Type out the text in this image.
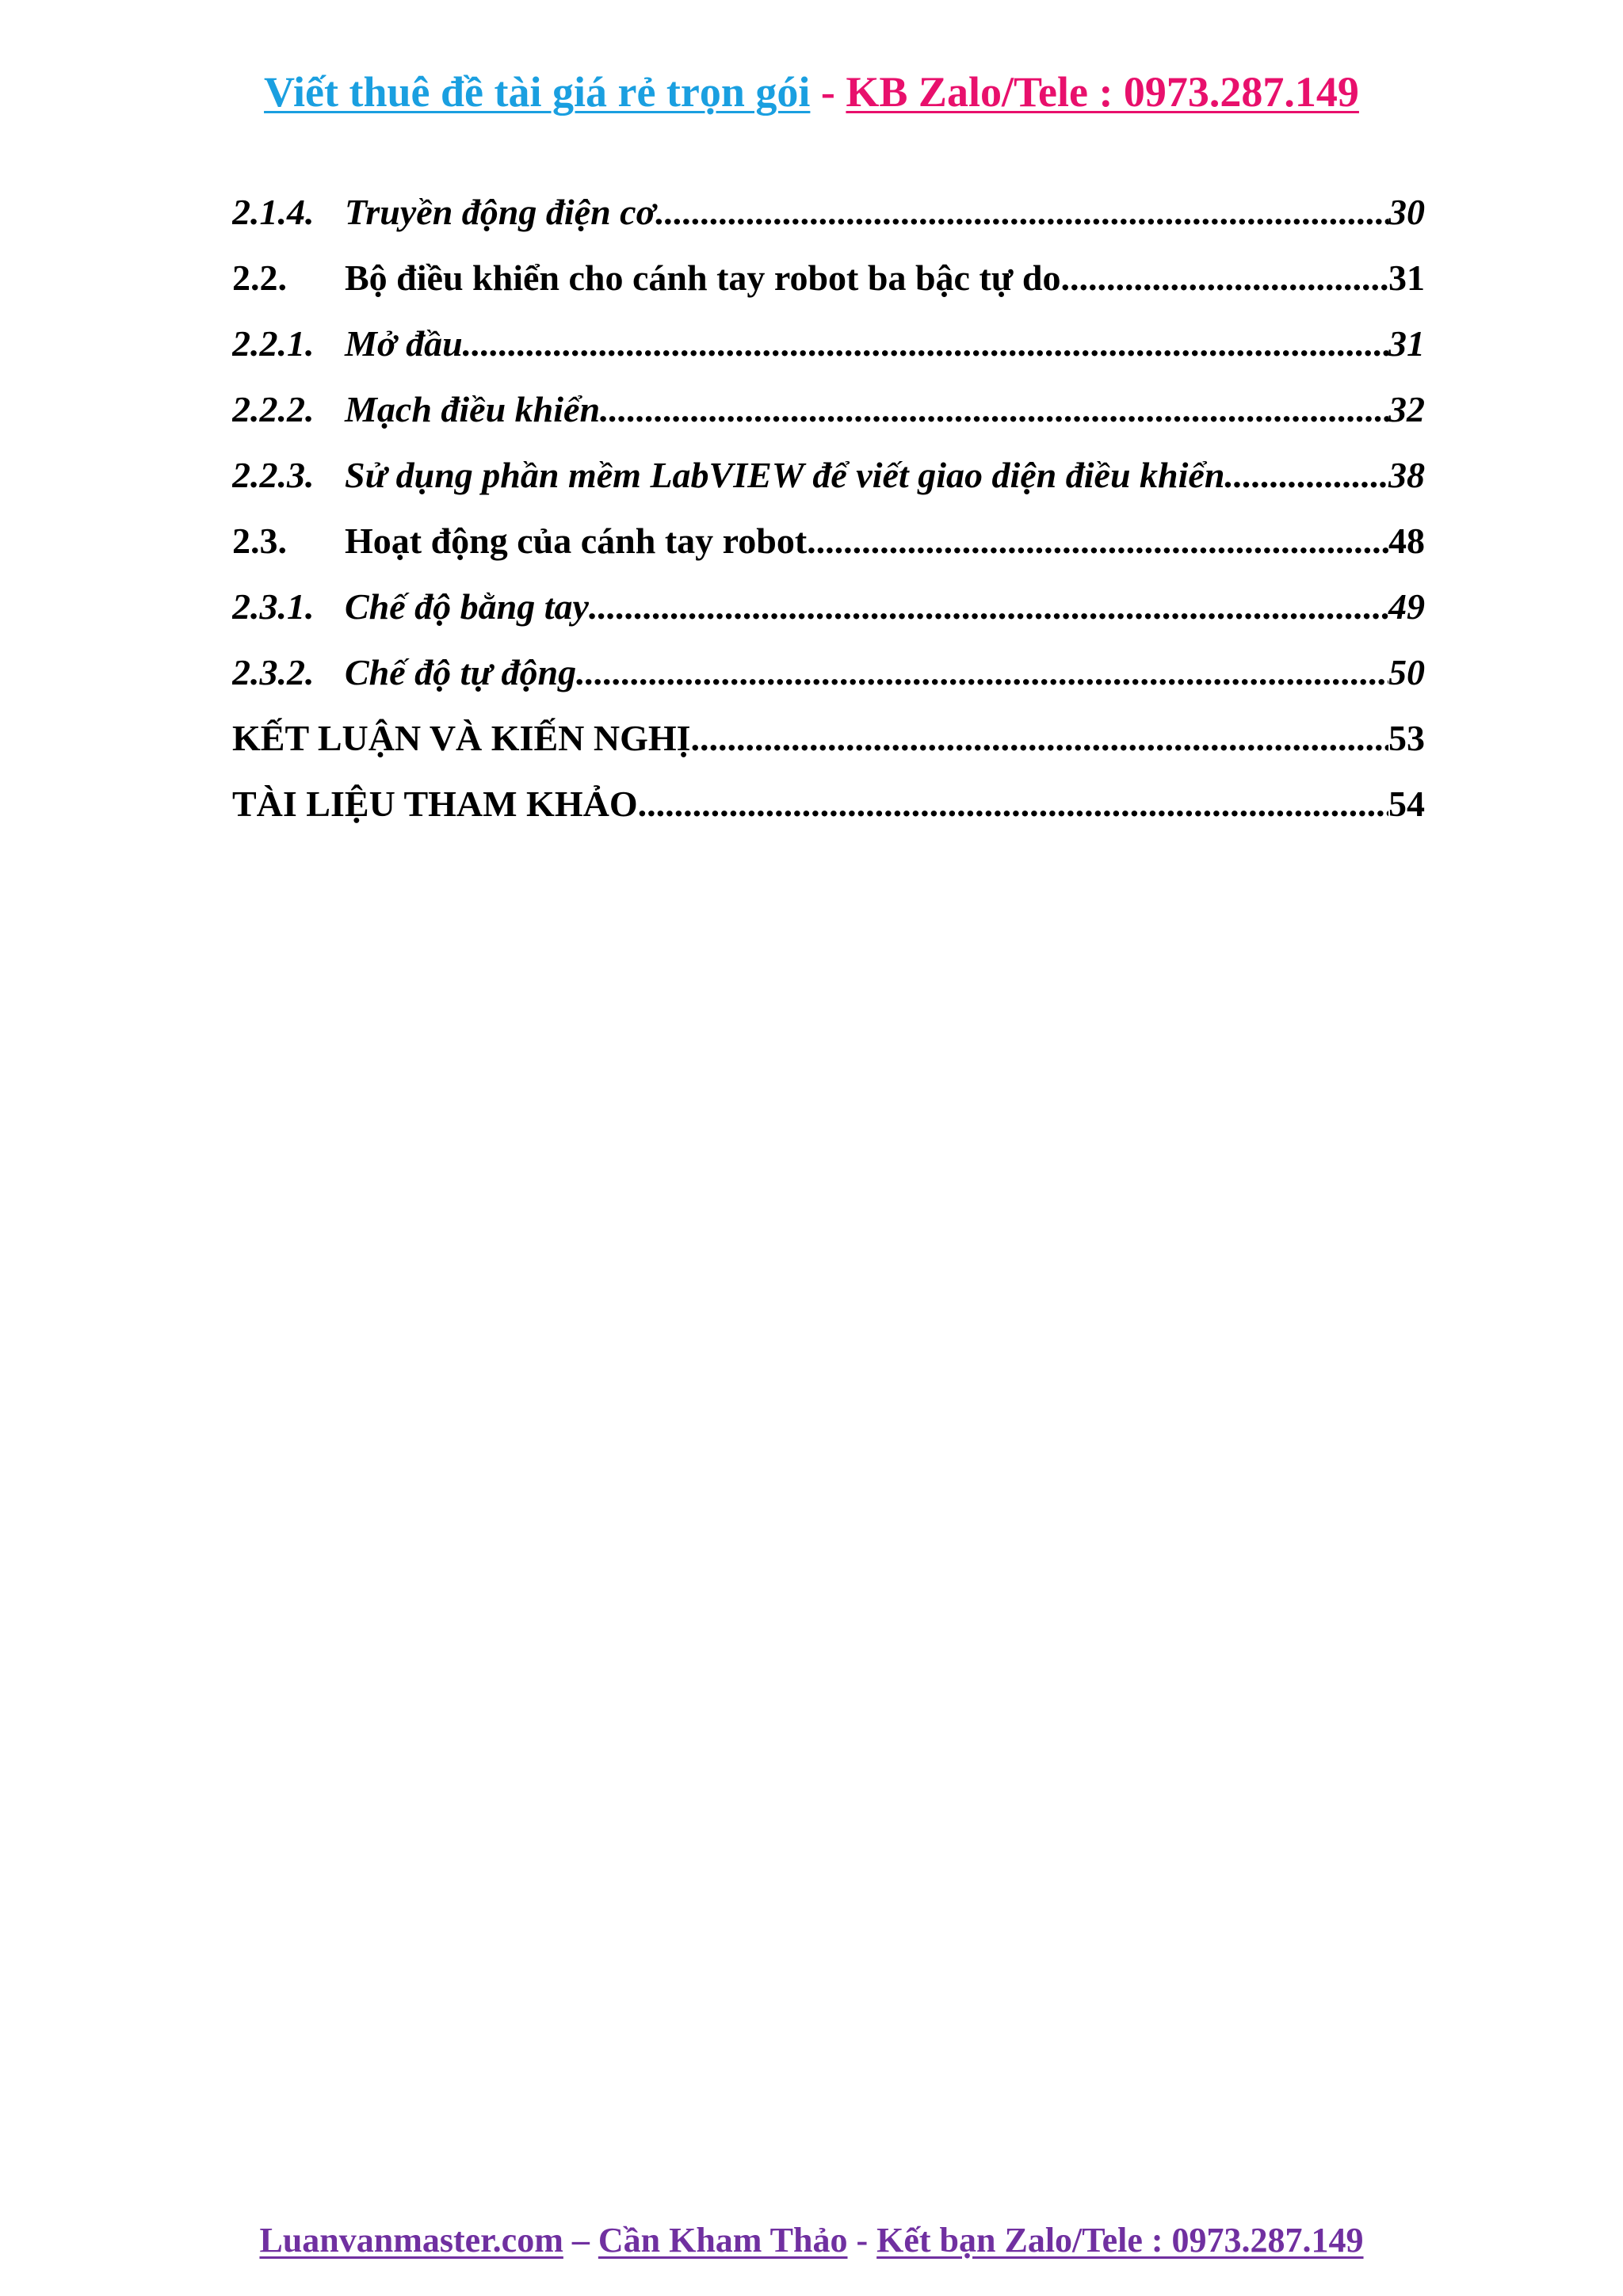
Viết thuê đề tài giá rẻ trọn gói - KB Zalo/Tele : 0973.287.149
2.1.4. Truyền động điện cơ .....	30
2.2.	Bộ điều khiển cho cánh tay robot ba bậc tự do .....	31
2.2.1. Mở đầu .....	31
2.2.2. Mạch điều khiển .....	32
2.2.3. Sử dụng phần mềm LabVIEW để viết giao diện điều khiển .....	38
2.3.	Hoạt động của cánh tay robot .....	48
2.3.1. Chế độ bằng tay .....	49
2.3.2. Chế độ tự động .....	50
KẾT LUẬN VÀ KIẾN NGHỊ .....	53
TÀI LIỆU THAM KHẢO .....	54
Luanvanmaster.com – Cần Kham Thảo - Kết bạn Zalo/Tele : 0973.287.149
